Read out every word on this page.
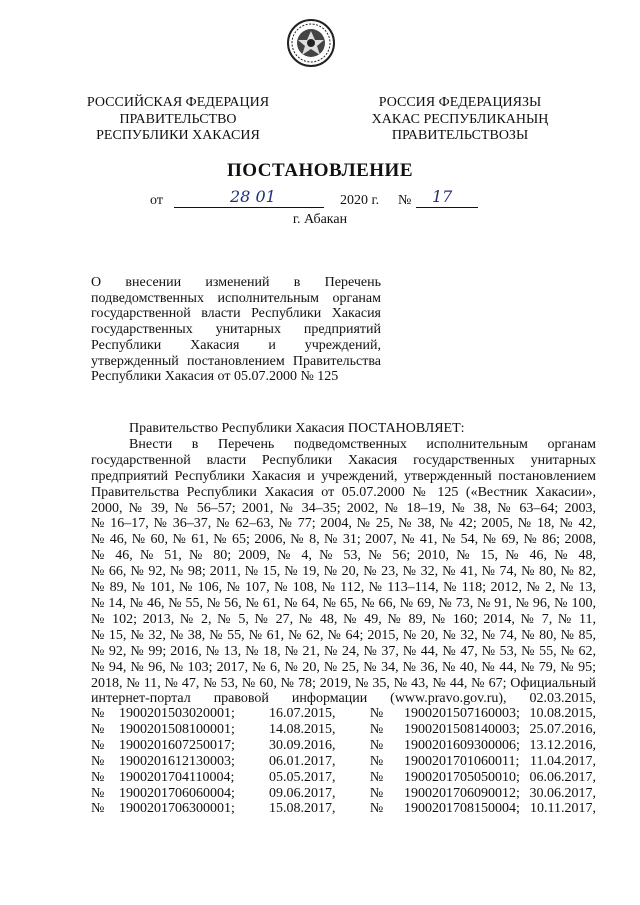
РОССИЙСКАЯ ФЕДЕРАЦИЯ
ПРАВИТЕЛЬСТВО
РЕСПУБЛИКИ ХАКАСИЯ
РОССИЯ ФЕДЕРАЦИЯЗЫ
ХАКАС РЕСПУБЛИКАНЫҢ
ПРАВИТЕЛЬСТВОЗЫ
ПОСТАНОВЛЕНИЕ
от	28 01	2020 г. № 17
г. Абакан
О внесении изменений в Перечень
подведомственных исполнительным органам
государственной власти Республики Хакасия
государственных унитарных предприятий
Республики Хакасия и учреждений,
утвержденный постановлением Правительства
Республики Хакасия от 05.07.2000 № 125
Правительство Республики Хакасия ПОСТАНОВЛЯЕТ:
Внести в Перечень подведомственных исполнительным органам
государственной власти Республики Хакасия государственных унитарных
предприятий Республики Хакасия и учреждений, утвержденный постановлением
Правительства Республики Хакасия от 05.07.2000 № 125 («Вестник Хакасии»,
2000, № 39, № 56–57; 2001, № 34–35; 2002, № 18–19, № 38, № 63–64; 2003,
№ 16–17, № 36–37, № 62–63, № 77; 2004, № 25, № 38, № 42; 2005, № 18, № 42,
№ 46, № 60, № 61, № 65; 2006, № 8, № 31; 2007, № 41, № 54, № 69, № 86; 2008,
№ 46, № 51, № 80; 2009, № 4, № 53, № 56; 2010, № 15, № 46, № 48,
№ 66, № 92, № 98; 2011, № 15, № 19, № 20, № 23, № 32, № 41, № 74, № 80, № 82,
№ 89, № 101, № 106, № 107, № 108, № 112, № 113–114, № 118; 2012, № 2, № 13,
№ 14, № 46, № 55, № 56, № 61, № 64, № 65, № 66, № 69, № 73, № 91, № 96, № 100,
№ 102; 2013, № 2, № 5, № 27, № 48, № 49, № 89, № 160; 2014, № 7, № 11,
№ 15, № 32, № 38, № 55, № 61, № 62, № 64; 2015, № 20, № 32, № 74, № 80, № 85,
№ 92, № 99; 2016, № 13, № 18, № 21, № 24, № 37, № 44, № 47, № 53, № 55, № 62,
№ 94, № 96, № 103; 2017, № 6, № 20, № 25, № 34, № 36, № 40, № 44, № 79, № 95;
2018, № 11, № 47, № 53, № 60, № 78; 2019, № 35, № 43, № 44, № 67; Официальный
интернет-портал правовой информации (www.pravo.gov.ru), 02.03.2015,
№	1900201503020001;	16.07.2015,	№	1900201507160003;	10.08.2015,
№	1900201508100001;	14.08.2015,	№	1900201508140003;	25.07.2016,
№	1900201607250017;	30.09.2016,	№	1900201609300006;	13.12.2016,
№	1900201612130003;	06.01.2017,	№	1900201701060011;	11.04.2017,
№	1900201704110004;	05.05.2017,	№	1900201705050010;	06.06.2017,
№	1900201706060004;	09.06.2017,	№	1900201706090012;	30.06.2017,
№	1900201706300001;	15.08.2017,	№	1900201708150004;	10.11.2017,
